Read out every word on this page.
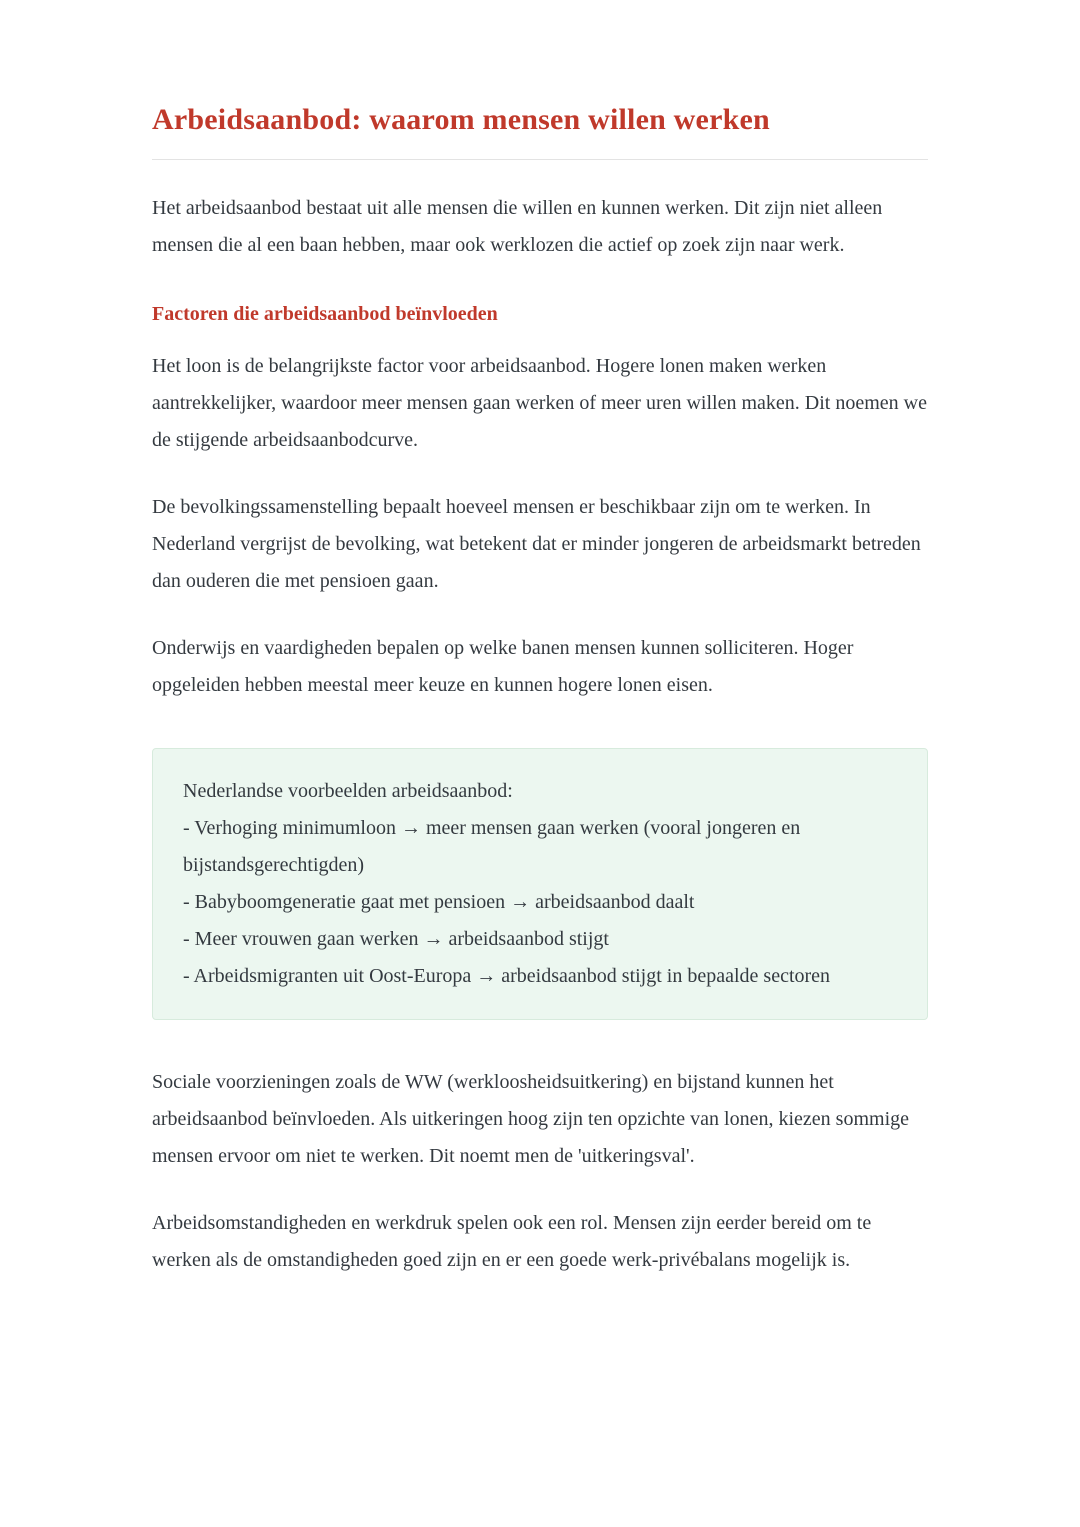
Arbeidsaanbod: waarom mensen willen werken

Het arbeidsaanbod bestaat uit alle mensen die willen en kunnen werken. Dit zijn niet alleen mensen die al een baan hebben, maar ook werklozen die actief op zoek zijn naar werk.

Factoren die arbeidsaanbod beïnvloeden

Het loon is de belangrijkste factor voor arbeidsaanbod. Hogere lonen maken werken aantrekkelijker, waardoor meer mensen gaan werken of meer uren willen maken. Dit noemen we de stijgende arbeidsaanbodcurve.

De bevolkingssamenstelling bepaalt hoeveel mensen er beschikbaar zijn om te werken. In Nederland vergrijst de bevolking, wat betekent dat er minder jongeren de arbeidsmarkt betreden dan ouderen die met pensioen gaan.

Onderwijs en vaardigheden bepalen op welke banen mensen kunnen solliciteren. Hoger opgeleiden hebben meestal meer keuze en kunnen hogere lonen eisen.

Nederlandse voorbeelden arbeidsaanbod:

- Verhoging minimumloon → meer mensen gaan werken (vooral jongeren en bijstandsgerechtigden)

- Babyboomgeneratie gaat met pensioen → arbeidsaanbod daalt

- Meer vrouwen gaan werken → arbeidsaanbod stijgt

- Arbeidsmigranten uit Oost-Europa → arbeidsaanbod stijgt in bepaalde sectoren

Sociale voorzieningen zoals de WW (werkloosheidsuitkering) en bijstand kunnen het arbeidsaanbod beïnvloeden. Als uitkeringen hoog zijn ten opzichte van lonen, kiezen sommige mensen ervoor om niet te werken. Dit noemt men de 'uitkeringsval'.

Arbeidsomstandigheden en werkdruk spelen ook een rol. Mensen zijn eerder bereid om te werken als de omstandigheden goed zijn en er een goede werk-privébalans mogelijk is.
